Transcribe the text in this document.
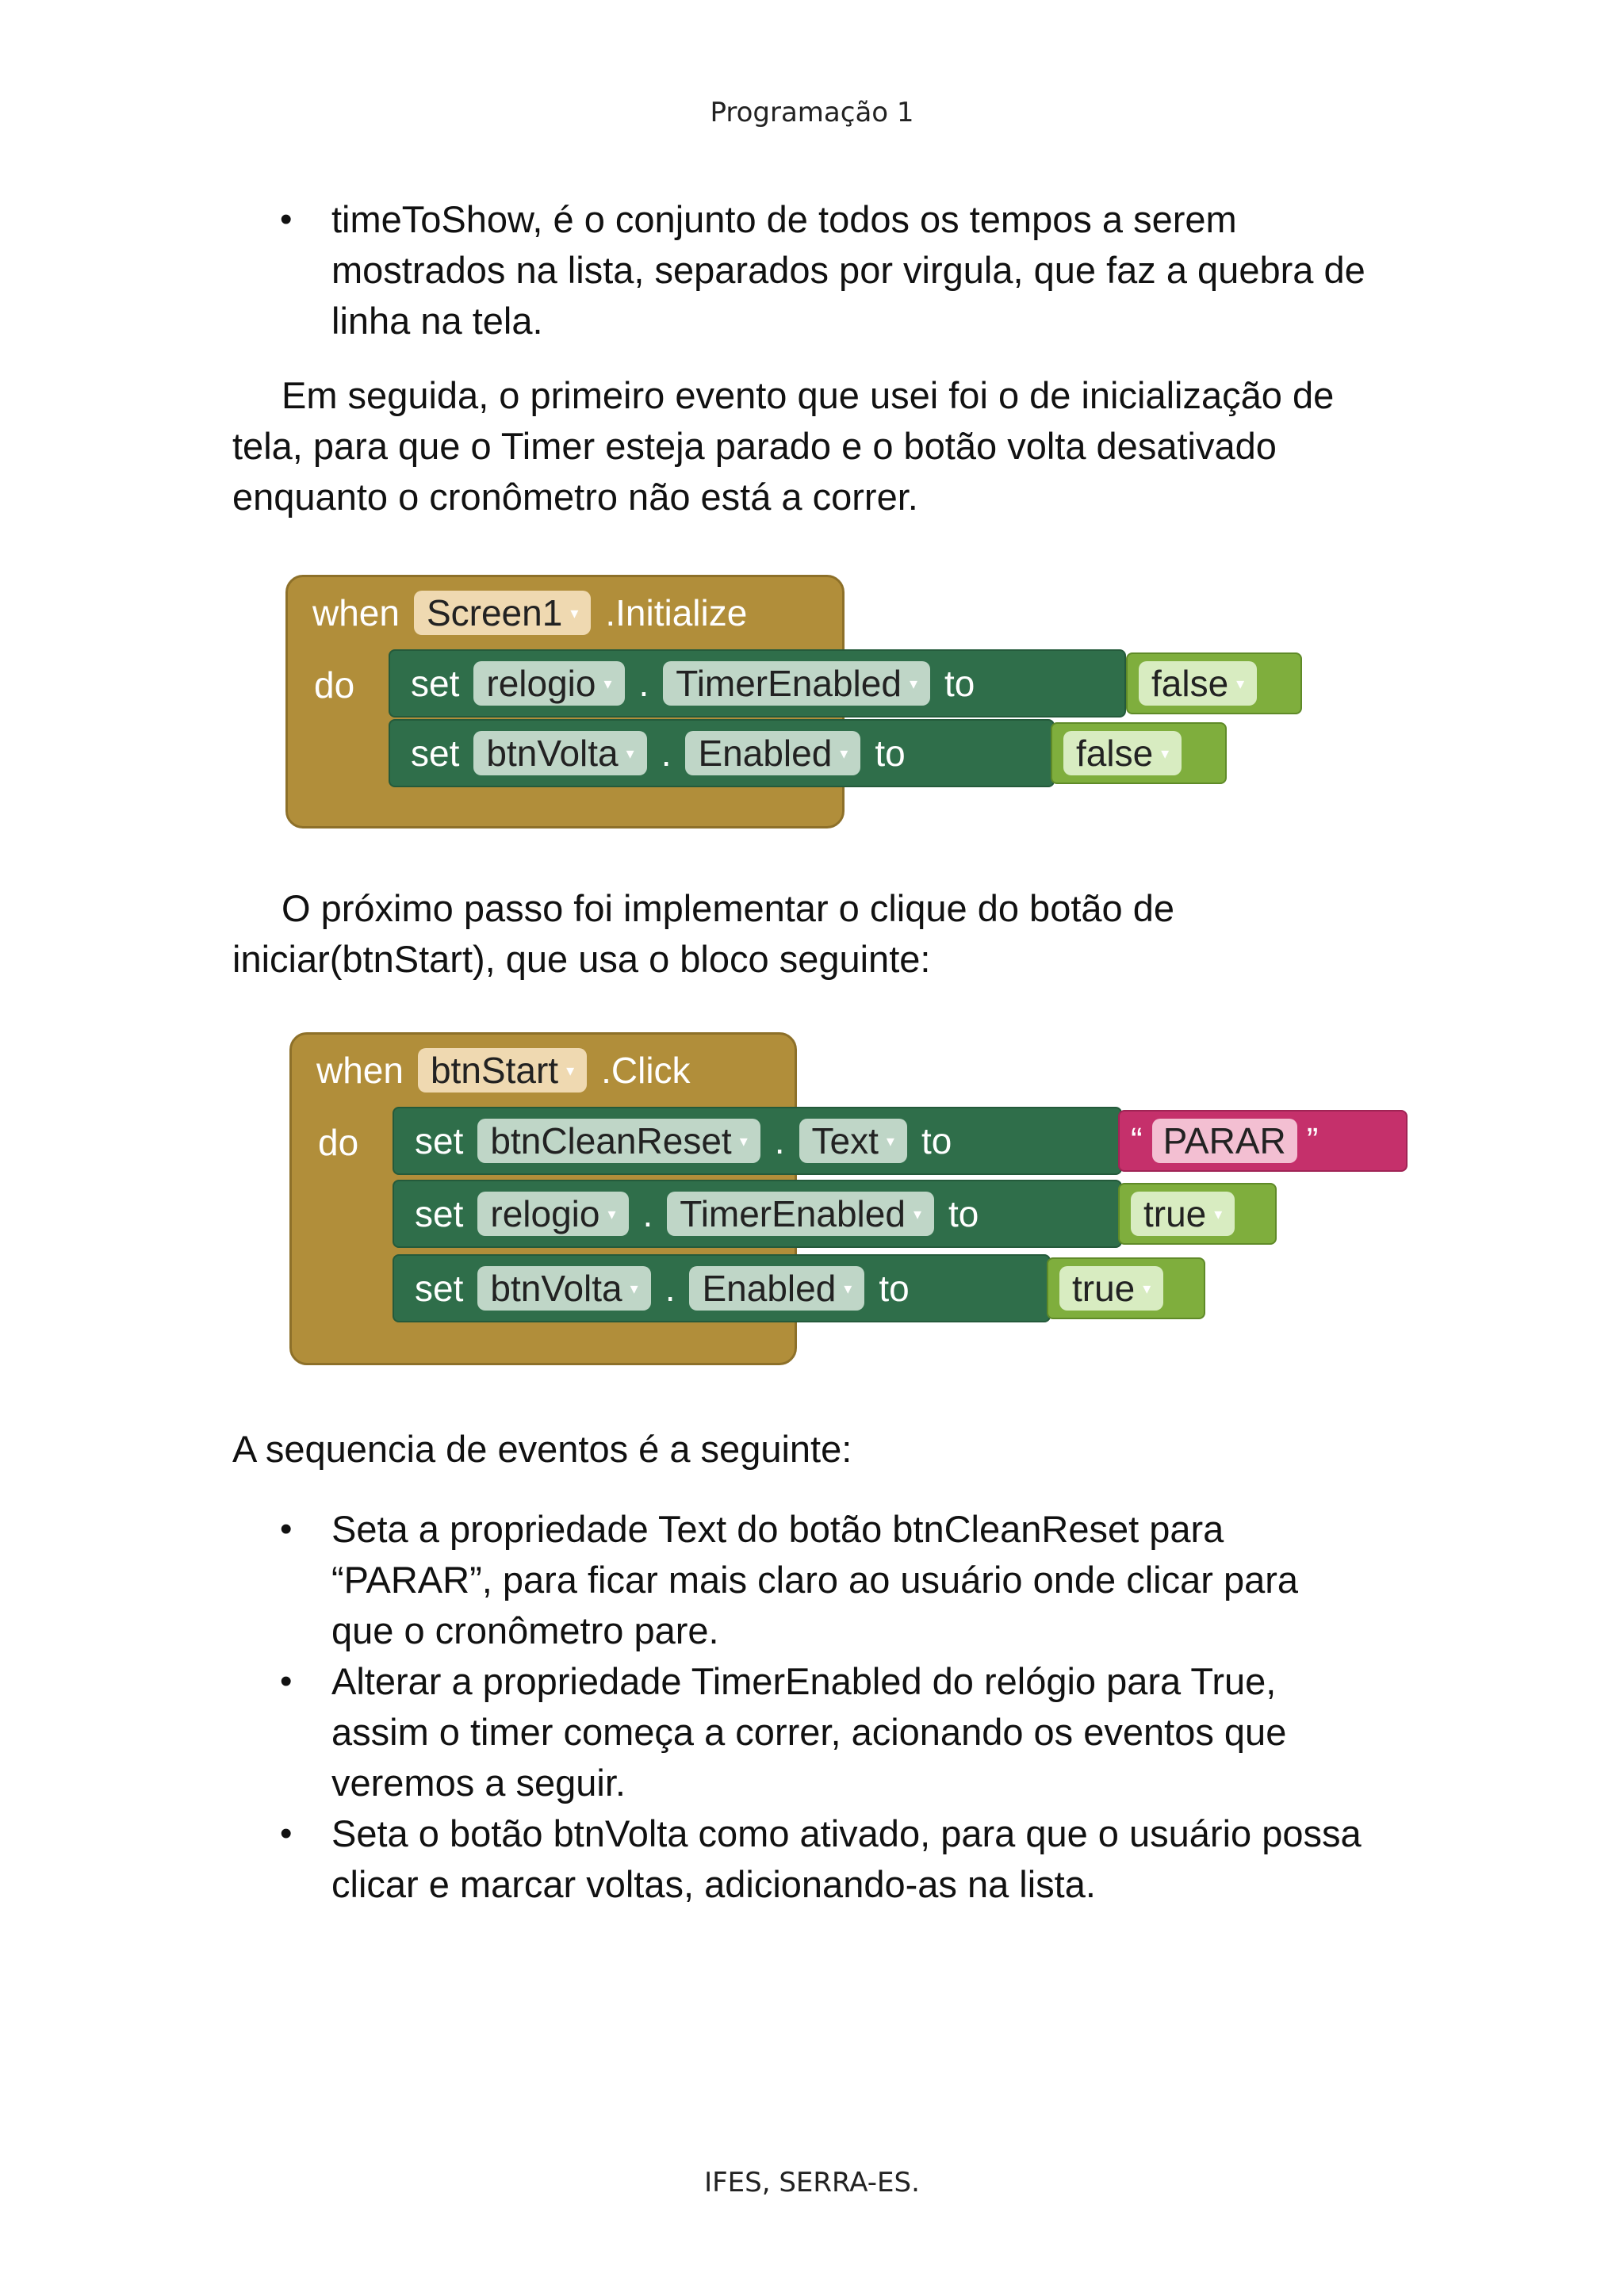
Programação 1
• timeToShow, é o conjunto de todos os tempos a serem
mostrados na lista, separados por virgula, que faz a quebra de
linha na tela.
Em seguida, o primeiro evento que usei foi o de inicialização de
tela, para que o Timer esteja parado e o botão volta desativado
enquanto o cronômetro não está a correr.
when Screen1 ▾ .Initialize
do set relogio ▾ . TimerEnabled ▾ to	false ▾
set btnVolta ▾ . Enabled ▾ to	false ▾
O próximo passo foi implementar o clique do botão de
iniciar(btnStart), que usa o bloco seguinte:
when btnStart ▾ .Click
do set btnCleanReset ▾ . Text ▾ to	“ PARAR ”
set relogio ▾ . TimerEnabled ▾ to	true ▾
set btnVolta ▾ . Enabled ▾ to	true ▾
A sequencia de eventos é a seguinte:
• Seta a propriedade Text do botão btnCleanReset para
“PARAR”, para ficar mais claro ao usuário onde clicar para
que o cronômetro pare.
• Alterar a propriedade TimerEnabled do relógio para True,
assim o timer começa a correr, acionando os eventos que
veremos a seguir.
• Seta o botão btnVolta como ativado, para que o usuário possa
clicar e marcar voltas, adicionando-as na lista.
IFES, SERRA-ES.
